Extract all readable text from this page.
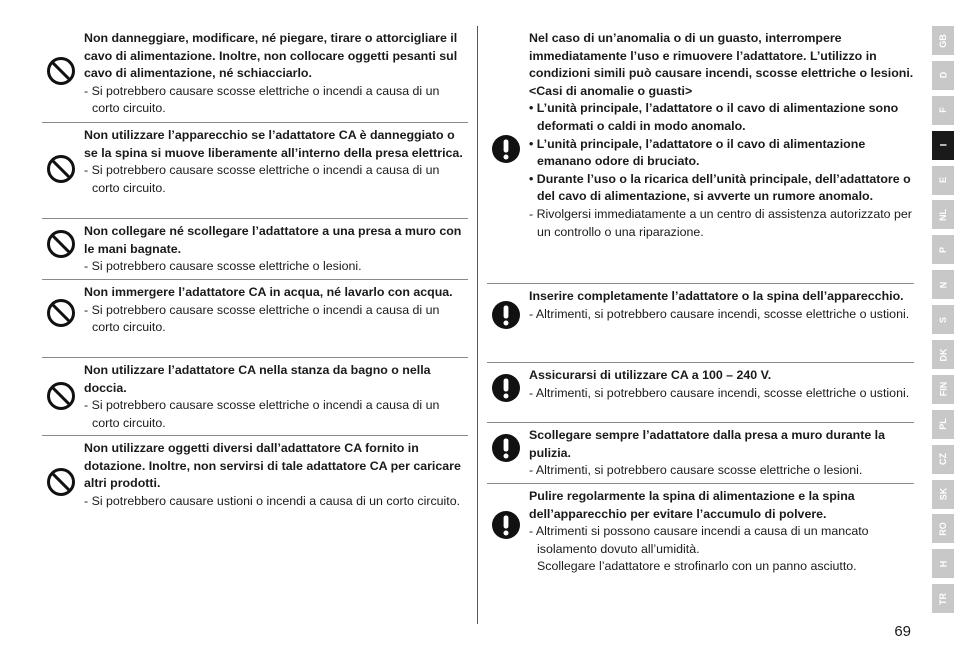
Non danneggiare, modificare, né piegare, tirare o attorcigliare il cavo di alimentazione. Inoltre, non collocare oggetti pesanti sul cavo di alimentazione, né schiacciarlo.
- Si potrebbero causare scosse elettriche o incendi a causa di un corto circuito.
Non utilizzare l’apparecchio se l’adattatore CA è danneggiato o se la spina si muove liberamente all’interno della presa elettrica.
- Si potrebbero causare scosse elettriche o incendi a causa di un corto circuito.
Non collegare né scollegare l’adattatore a una presa a muro con le mani bagnate.
- Si potrebbero causare scosse elettriche o lesioni.
Non immergere l’adattatore CA in acqua, né lavarlo con acqua.
- Si potrebbero causare scosse elettriche o incendi a causa di un corto circuito.
Non utilizzare l’adattatore CA nella stanza da bagno o nella doccia.
- Si potrebbero causare scosse elettriche o incendi a causa di un corto circuito.
Non utilizzare oggetti diversi dall’adattatore CA fornito in dotazione. Inoltre, non servirsi di tale adattatore CA per caricare altri prodotti.
- Si potrebbero causare ustioni o incendi a causa di un corto circuito.
Nel caso di un’anomalia o di un guasto, interrompere immediatamente l’uso e rimuovere l’adattatore. L’utilizzo in condizioni simili può causare incendi, scosse elettriche o lesioni.
<Casi di anomalie o guasti>
• L’unità principale, l’adattatore o il cavo di alimentazione sono deformati o caldi in modo anomalo.
• L’unità principale, l’adattatore o il cavo di alimentazione emanano odore di bruciato.
• Durante l’uso o la ricarica dell’unità principale, dell’adattatore o del cavo di alimentazione, si avverte un rumore anomalo.
- Rivolgersi immediatamente a un centro di assistenza autorizzato per un controllo o una riparazione.
Inserire completamente l’adattatore o la spina dell’apparecchio.
- Altrimenti, si potrebbero causare incendi, scosse elettriche o ustioni.
Assicurarsi di utilizzare CA a 100 – 240 V.
- Altrimenti, si potrebbero causare incendi, scosse elettriche o ustioni.
Scollegare sempre l’adattatore dalla presa a muro durante la pulizia.
- Altrimenti, si potrebbero causare scosse elettriche o lesioni.
Pulire regolarmente la spina di alimentazione e la spina dell’apparecchio per evitare l’accumulo di polvere.
- Altrimenti si possono causare incendi a causa di un mancato isolamento dovuto all’umidità.
Scollegare l’adattatore e strofinarlo con un panno asciutto.
GB
D
F
I
E
NL
P
N
S
DK
FIN
PL
CZ
SK
RO
H
TR
69
